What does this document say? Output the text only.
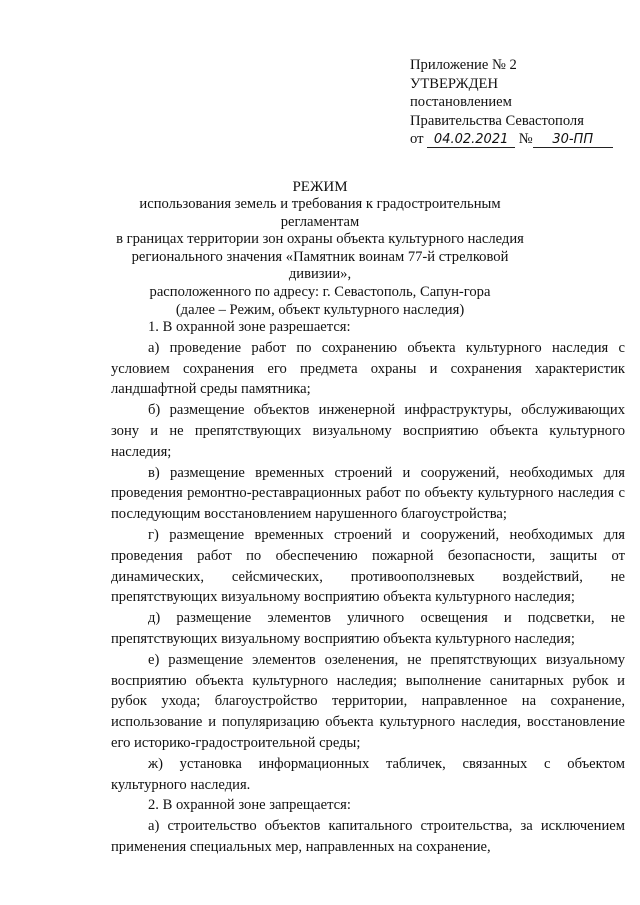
Приложение № 2
УТВЕРЖДЕН
постановлением
Правительства Севастополя
от 04.02.2021 № 30-ПП
РЕЖИМ
использования земель и требования к градостроительным регламентам
в границах территории зон охраны объекта культурного наследия
регионального значения «Памятник воинам 77-й стрелковой дивизии»,
расположенного по адресу: г. Севастополь, Сапун-гора
(далее – Режим, объект культурного наследия)

1. В охранной зоне разрешается:

а) проведение работ по сохранению объекта культурного наследия с условием сохранения его предмета охраны и сохранения характеристик ландшафтной среды памятника;

б) размещение объектов инженерной инфраструктуры, обслуживающих зону и не препятствующих визуальному восприятию объекта культурного наследия;

в) размещение временных строений и сооружений, необходимых для проведения ремонтно-реставрационных работ по объекту культурного наследия с последующим восстановлением нарушенного благоустройства;

г) размещение временных строений и сооружений, необходимых для проведения работ по обеспечению пожарной безопасности, защиты от динамических, сейсмических, противооползневых воздействий, не препятствующих визуальному восприятию объекта культурного наследия;

д) размещение элементов уличного освещения и подсветки, не препятствующих визуальному восприятию объекта культурного наследия;

е) размещение элементов озеленения, не препятствующих визуальному восприятию объекта культурного наследия; выполнение санитарных рубок и рубок ухода; благоустройство территории, направленное на сохранение, использование и популяризацию объекта культурного наследия, восстановление его историко-градостроительной среды;

ж) установка информационных табличек, связанных с объектом культурного наследия.

2. В охранной зоне запрещается:

а) строительство объектов капитального строительства, за исключением применения специальных мер, направленных на сохранение,
